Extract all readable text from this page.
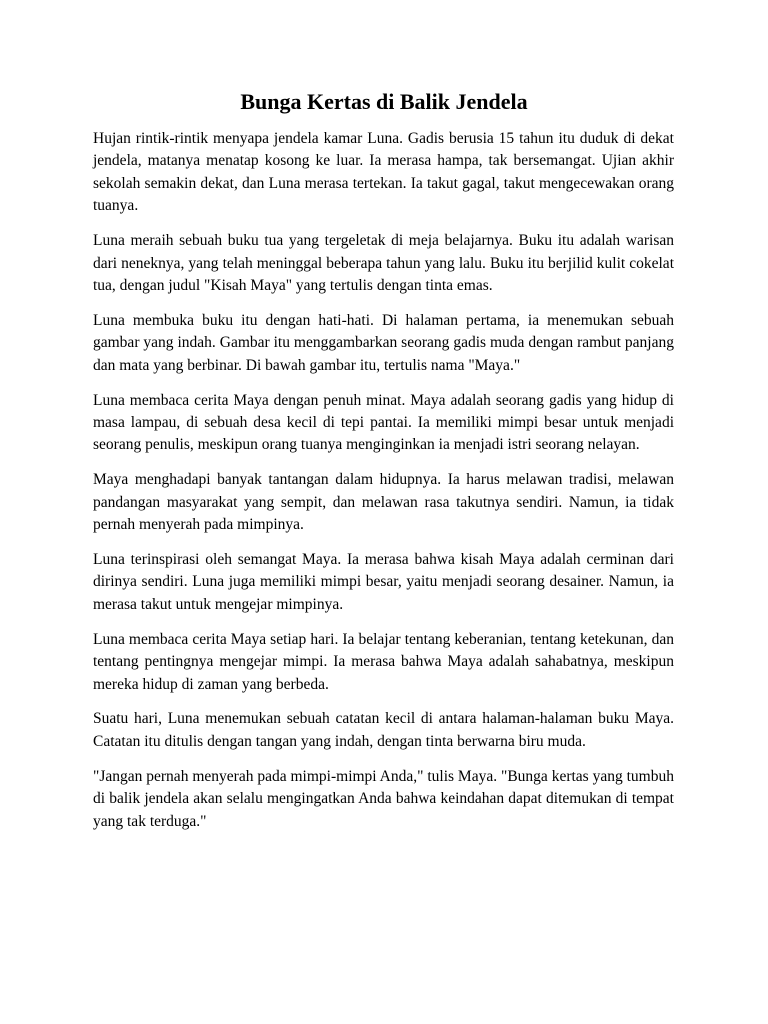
Bunga Kertas di Balik Jendela

Hujan rintik-rintik menyapa jendela kamar Luna. Gadis berusia 15 tahun itu duduk di dekat jendela, matanya menatap kosong ke luar. Ia merasa hampa, tak bersemangat. Ujian akhir sekolah semakin dekat, dan Luna merasa tertekan. Ia takut gagal, takut mengecewakan orang tuanya.

Luna meraih sebuah buku tua yang tergeletak di meja belajarnya. Buku itu adalah warisan dari neneknya, yang telah meninggal beberapa tahun yang lalu. Buku itu berjilid kulit cokelat tua, dengan judul "Kisah Maya" yang tertulis dengan tinta emas.

Luna membuka buku itu dengan hati-hati. Di halaman pertama, ia menemukan sebuah gambar yang indah. Gambar itu menggambarkan seorang gadis muda dengan rambut panjang dan mata yang berbinar. Di bawah gambar itu, tertulis nama "Maya."

Luna membaca cerita Maya dengan penuh minat. Maya adalah seorang gadis yang hidup di masa lampau, di sebuah desa kecil di tepi pantai. Ia memiliki mimpi besar untuk menjadi seorang penulis, meskipun orang tuanya menginginkan ia menjadi istri seorang nelayan.

Maya menghadapi banyak tantangan dalam hidupnya. Ia harus melawan tradisi, melawan pandangan masyarakat yang sempit, dan melawan rasa takutnya sendiri. Namun, ia tidak pernah menyerah pada mimpinya.

Luna terinspirasi oleh semangat Maya. Ia merasa bahwa kisah Maya adalah cerminan dari dirinya sendiri. Luna juga memiliki mimpi besar, yaitu menjadi seorang desainer. Namun, ia merasa takut untuk mengejar mimpinya.

Luna membaca cerita Maya setiap hari. Ia belajar tentang keberanian, tentang ketekunan, dan tentang pentingnya mengejar mimpi. Ia merasa bahwa Maya adalah sahabatnya, meskipun mereka hidup di zaman yang berbeda.

Suatu hari, Luna menemukan sebuah catatan kecil di antara halaman-halaman buku Maya. Catatan itu ditulis dengan tangan yang indah, dengan tinta berwarna biru muda.

"Jangan pernah menyerah pada mimpi-mimpi Anda," tulis Maya. "Bunga kertas yang tumbuh di balik jendela akan selalu mengingatkan Anda bahwa keindahan dapat ditemukan di tempat yang tak terduga."
